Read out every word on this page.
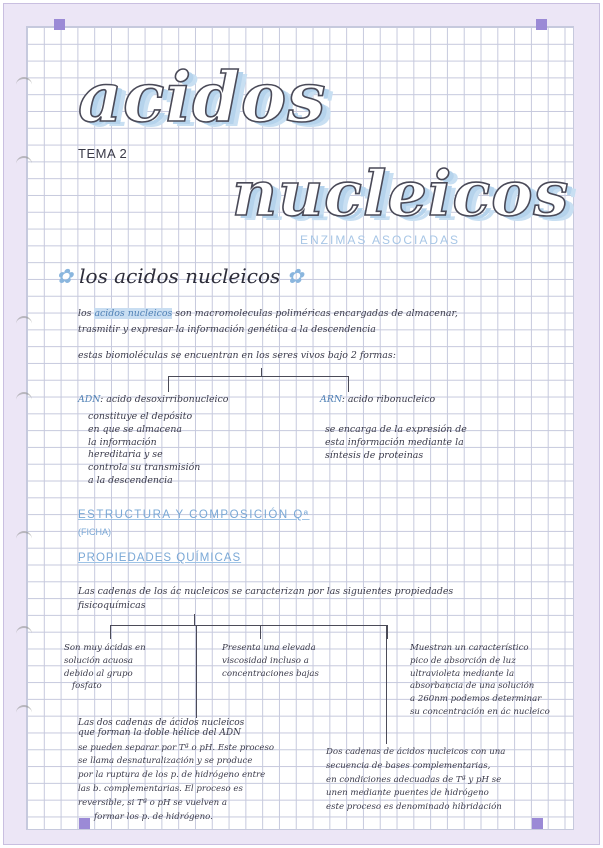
acidos
TEMA 2
nucleicos
ENZIMAS ASOCIADAS
✿ los acidos nucleicos ✿
los acidos nucleicos son macromoleculas poliméricas encargadas de almacenar,
trasmitir y expresar la información genética a la descendencia
estas biomoléculas se encuentran en los seres vivos bajo 2 formas:
ADN: acido desoxirribonucleico
constituye el depósito
en que se almacena
la información
hereditaria y se
controla su transmisión
a la descendencia
ARN: acido ribonucleico
se encarga de la expresión de
esta información mediante la
síntesis de proteinas
ESTRUCTURA Y COMPOSICIÓN Qª
(FICHA)
PROPIEDADES QUÍMICAS
Las cadenas de los ác nucleicos se caracterizan por las siguientes propiedades
fisicoquímicas
Son muy ácidas en
solución acuosa
debido al grupo
fosfato
Presenta una elevada
viscosidad incluso a
concentraciones bajas
Muestran un característico
pico de absorción de luz
ultravioleta mediante la
absorbancia de una solución
a 260nm podemos determinar
su concentración en ác nucleico
Las dos cadenas de ácidos nucleicos
que forman la doble hélice del ADN
se pueden separar por Tª o pH. Este proceso
se llama desnaturalización y se produce
por la ruptura de los p. de hidrógeno entre
las b. complementarias. El proceso es
reversible, si Tª o pH se vuelven a
formar los p. de hidrógeno.
Dos cadenas de ácidos nucleicos con una
secuencia de bases complementarias,
en condiciones adecuadas de Tª y pH se
unen mediante puentes de hidrógeno
este proceso es denominado hibridación
